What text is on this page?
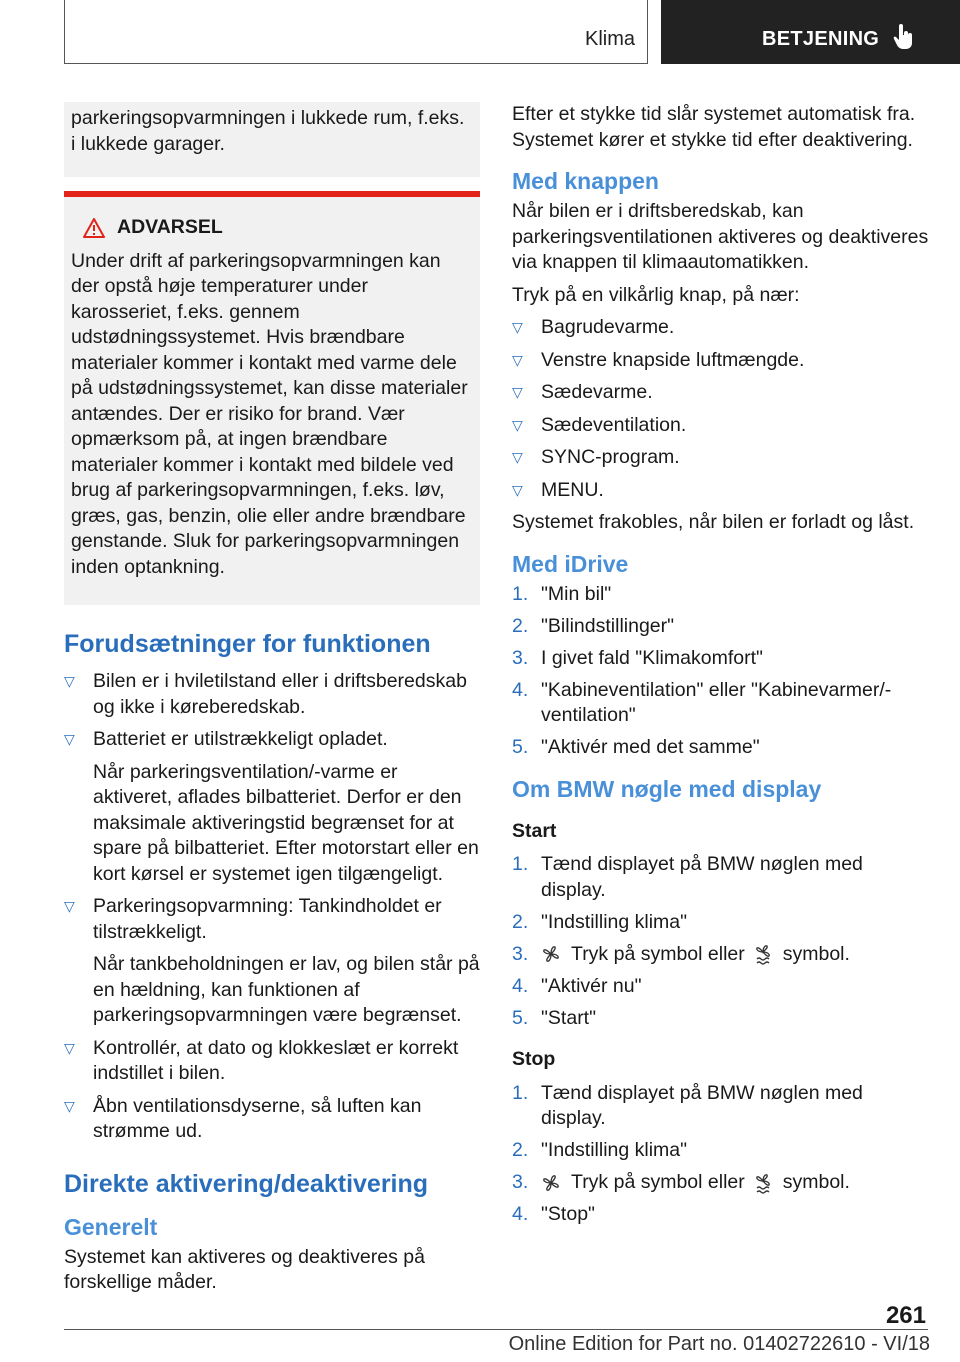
Klima	BETJENING

parkeringsopvarmningen i lukkede rum, f.eks. i lukkede garager.

ADVARSEL

Under drift af parkeringsopvarmningen kan der opstå høje temperaturer under karosseriet, f.eks. gennem udstødningssystemet. Hvis brændbare materialer kommer i kontakt med varme dele på udstødningssystemet, kan disse materialer antændes. Der er risiko for brand. Vær opmærksom på, at ingen brændbare materialer kommer i kontakt med bildele ved brug af parkeringsopvarmningen, f.eks. løv, græs, gas, benzin, olie eller andre brændbare genstande. Sluk for parkeringsopvarmningen inden optankning.

Forudsætninger for funktionen
▽ Bilen er i hviletilstand eller i driftsberedskab og ikke i køreberedskab.
▽ Batteriet er utilstrækkeligt opladet.
Når parkeringsventilation/-varme er aktiveret, aflades bilbatteriet. Derfor er den maksimale aktiveringstid begrænset for at spare på bilbatteriet. Efter motorstart eller en kort kørsel er systemet igen tilgængeligt.
▽ Parkeringsopvarmning: Tankindholdet er tilstrækkeligt.
Når tankbeholdningen er lav, og bilen står på en hældning, kan funktionen af parkeringsopvarmningen være begrænset.
▽ Kontrollér, at dato og klokkeslæt er korrekt indstillet i bilen.
▽ Åbn ventilationsdyserne, så luften kan strømme ud.
Direkte aktivering/deaktivering
Generelt

Systemet kan aktiveres og deaktiveres på forskellige måder.

Efter et stykke tid slår systemet automatisk fra. Systemet kører et stykke tid efter deaktivering.

Med knappen

Når bilen er i driftsberedskab, kan parkeringsventilationen aktiveres og deaktiveres via knappen til klimaautomatikken.

Tryk på en vilkårlig knap, på nær:

▽ Bagrudevarme.
▽ Venstre knapside luftmængde.
▽ Sædevarme.
▽ Sædeventilation.
▽ SYNC-program.
▽ MENU.

Systemet frakobles, når bilen er forladt og låst.

Med iDrive
1. "Min bil"
2. "Bilindstillinger"
3. I givet fald "Klimakomfort"
4. "Kabineventilation" eller "Kabinevarmer/-ventilation"
5. "Aktivér med det samme"
Om BMW nøgle med display
Start
1. Tænd displayet på BMW nøglen med display.
2. "Indstilling klima"
3. Tryk på symbol eller symbol.
4. "Aktivér nu"
5. "Start"
Stop
1. Tænd displayet på BMW nøglen med display.
2. "Indstilling klima"
3. Tryk på symbol eller symbol.
4. "Stop"
261
Online Edition for Part no. 01402722610 - VI/18
